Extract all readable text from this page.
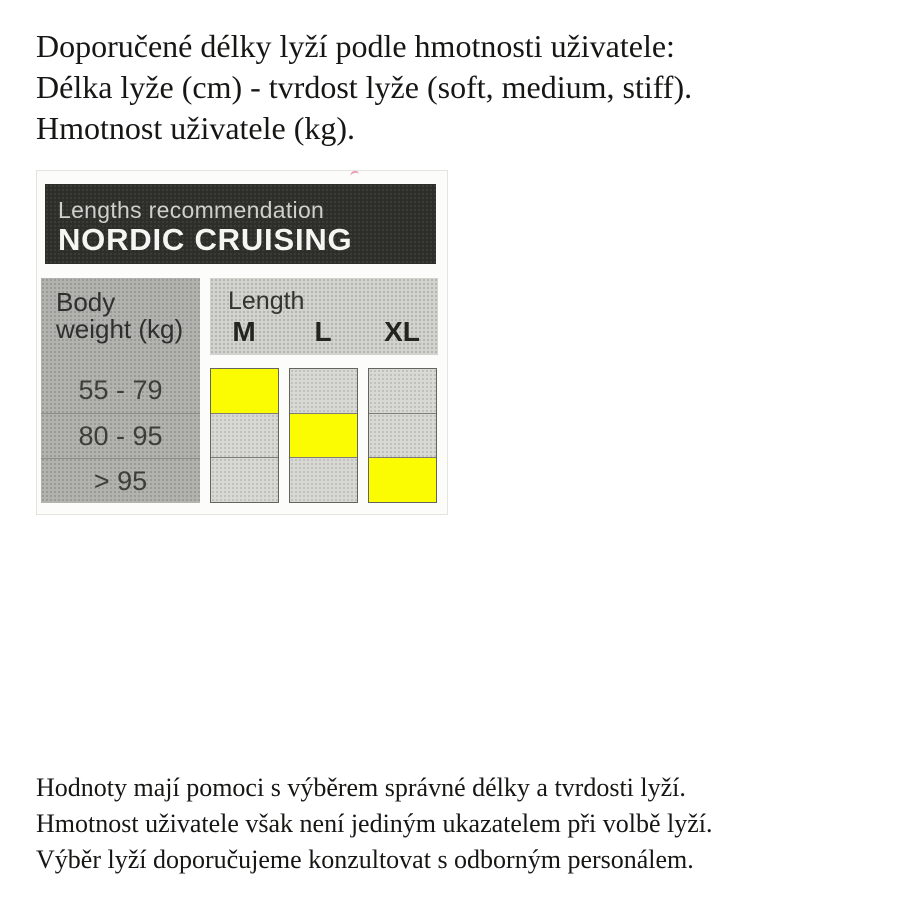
Doporučené délky lyží podle hmotnosti uživatele:
Délka lyže (cm) - tvrdost lyže (soft, medium, stiff).
Hmotnost uživatele (kg).
Lengths recommendation
NORDIC CRUISING
Body
weight (kg)
55 - 79
80 - 95
> 95
Length
M	L	XL
Hodnoty mají pomoci s výběrem správné délky a tvrdosti lyží.
Hmotnost uživatele však není jediným ukazatelem při volbě lyží.
Výběr lyží doporučujeme konzultovat s odborným personálem.
